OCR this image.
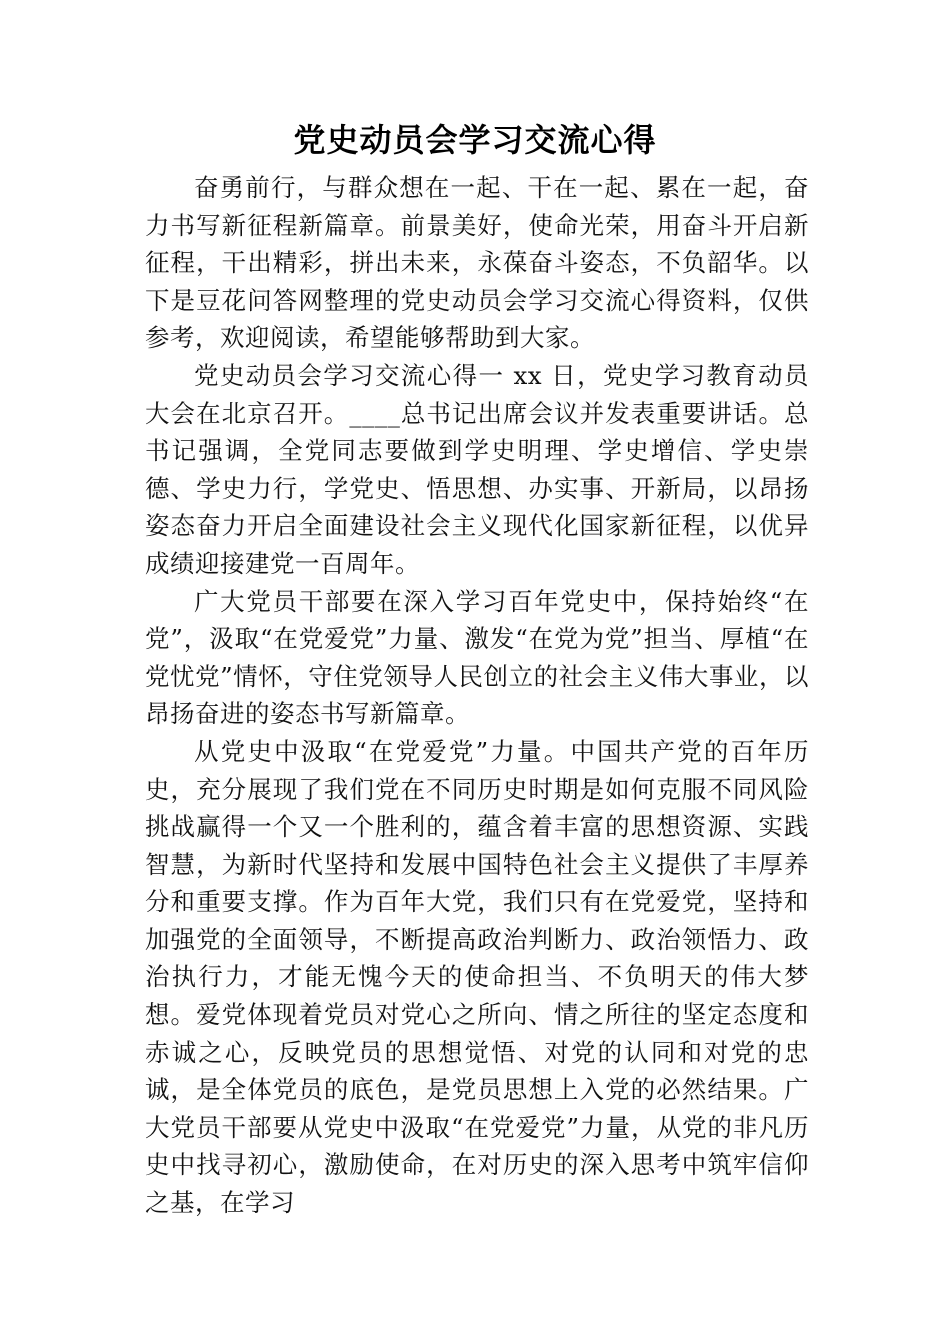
党史动员会学习交流心得

奋勇前行，与群众想在一起、干在一起、累在一起，奋力书写新征程新篇章。前景美好，使命光荣，用奋斗开启新征程，干出精彩，拼出未来，永葆奋斗姿态，不负韶华。以下是豆花问答网整理的党史动员会学习交流心得资料，仅供参考，欢迎阅读，希望能够帮助到大家。

党史动员会学习交流心得一 xx 日，党史学习教育动员大会在北京召开。____总书记出席会议并发表重要讲话。总书记强调，全党同志要做到学史明理、学史增信、学史崇德、学史力行，学党史、悟思想、办实事、开新局，以昂扬姿态奋力开启全面建设社会主义现代化国家新征程，以优异成绩迎接建党一百周年。

广大党员干部要在深入学习百年党史中，保持始终“在党”，汲取“在党爱党”力量、激发“在党为党”担当、厚植“在党忧党”情怀，守住党领导人民创立的社会主义伟大事业，以昂扬奋进的姿态书写新篇章。

从党史中汲取“在党爱党”力量。中国共产党的百年历史，充分展现了我们党在不同历史时期是如何克服不同风险挑战赢得一个又一个胜利的，蕴含着丰富的思想资源、实践智慧，为新时代坚持和发展中国特色社会主义提供了丰厚养分和重要支撑。作为百年大党，我们只有在党爱党，坚持和加强党的全面领导，不断提高政治判断力、政治领悟力、政治执行力，才能无愧今天的使命担当、不负明天的伟大梦想。爱党体现着党员对党心之所向、情之所往的坚定态度和赤诚之心，反映党员的思想觉悟、对党的认同和对党的忠诚，是全体党员的底色，是党员思想上入党的必然结果。广大党员干部要从党史中汲取“在党爱党”力量，从党的非凡历史中找寻初心，激励使命，在对历史的深入思考中筑牢信仰之基，在学习
